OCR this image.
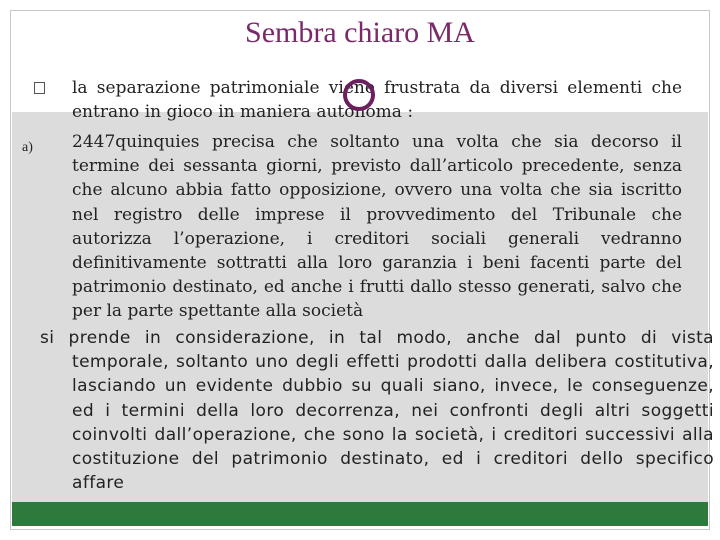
Sembra chiaro MA
la separazione patrimoniale viene frustrata da diversi elementi che entrano in gioco in maniera autonoma :
a) 2447quinquies precisa che soltanto una volta che sia decorso il termine dei sessanta giorni, previsto dall’articolo precedente, senza che alcuno abbia fatto opposizione, ovvero una volta che sia iscritto nel registro delle imprese il provvedimento del Tribunale che autorizza l’operazione, i creditori sociali generali vedranno definitivamente sottratti alla loro garanzia i beni facenti parte del patrimonio destinato, ed anche i frutti dallo stesso generati, salvo che per la parte spettante alla società
si prende in considerazione, in tal modo, anche dal punto di vista temporale, soltanto uno degli effetti prodotti dalla delibera costitutiva, lasciando un evidente dubbio su quali siano, invece, le conseguenze, ed i termini della loro decorrenza, nei confronti degli altri soggetti coinvolti dall’operazione, che sono la società, i creditori successivi alla costituzione del patrimonio destinato, ed i creditori dello specifico affare
